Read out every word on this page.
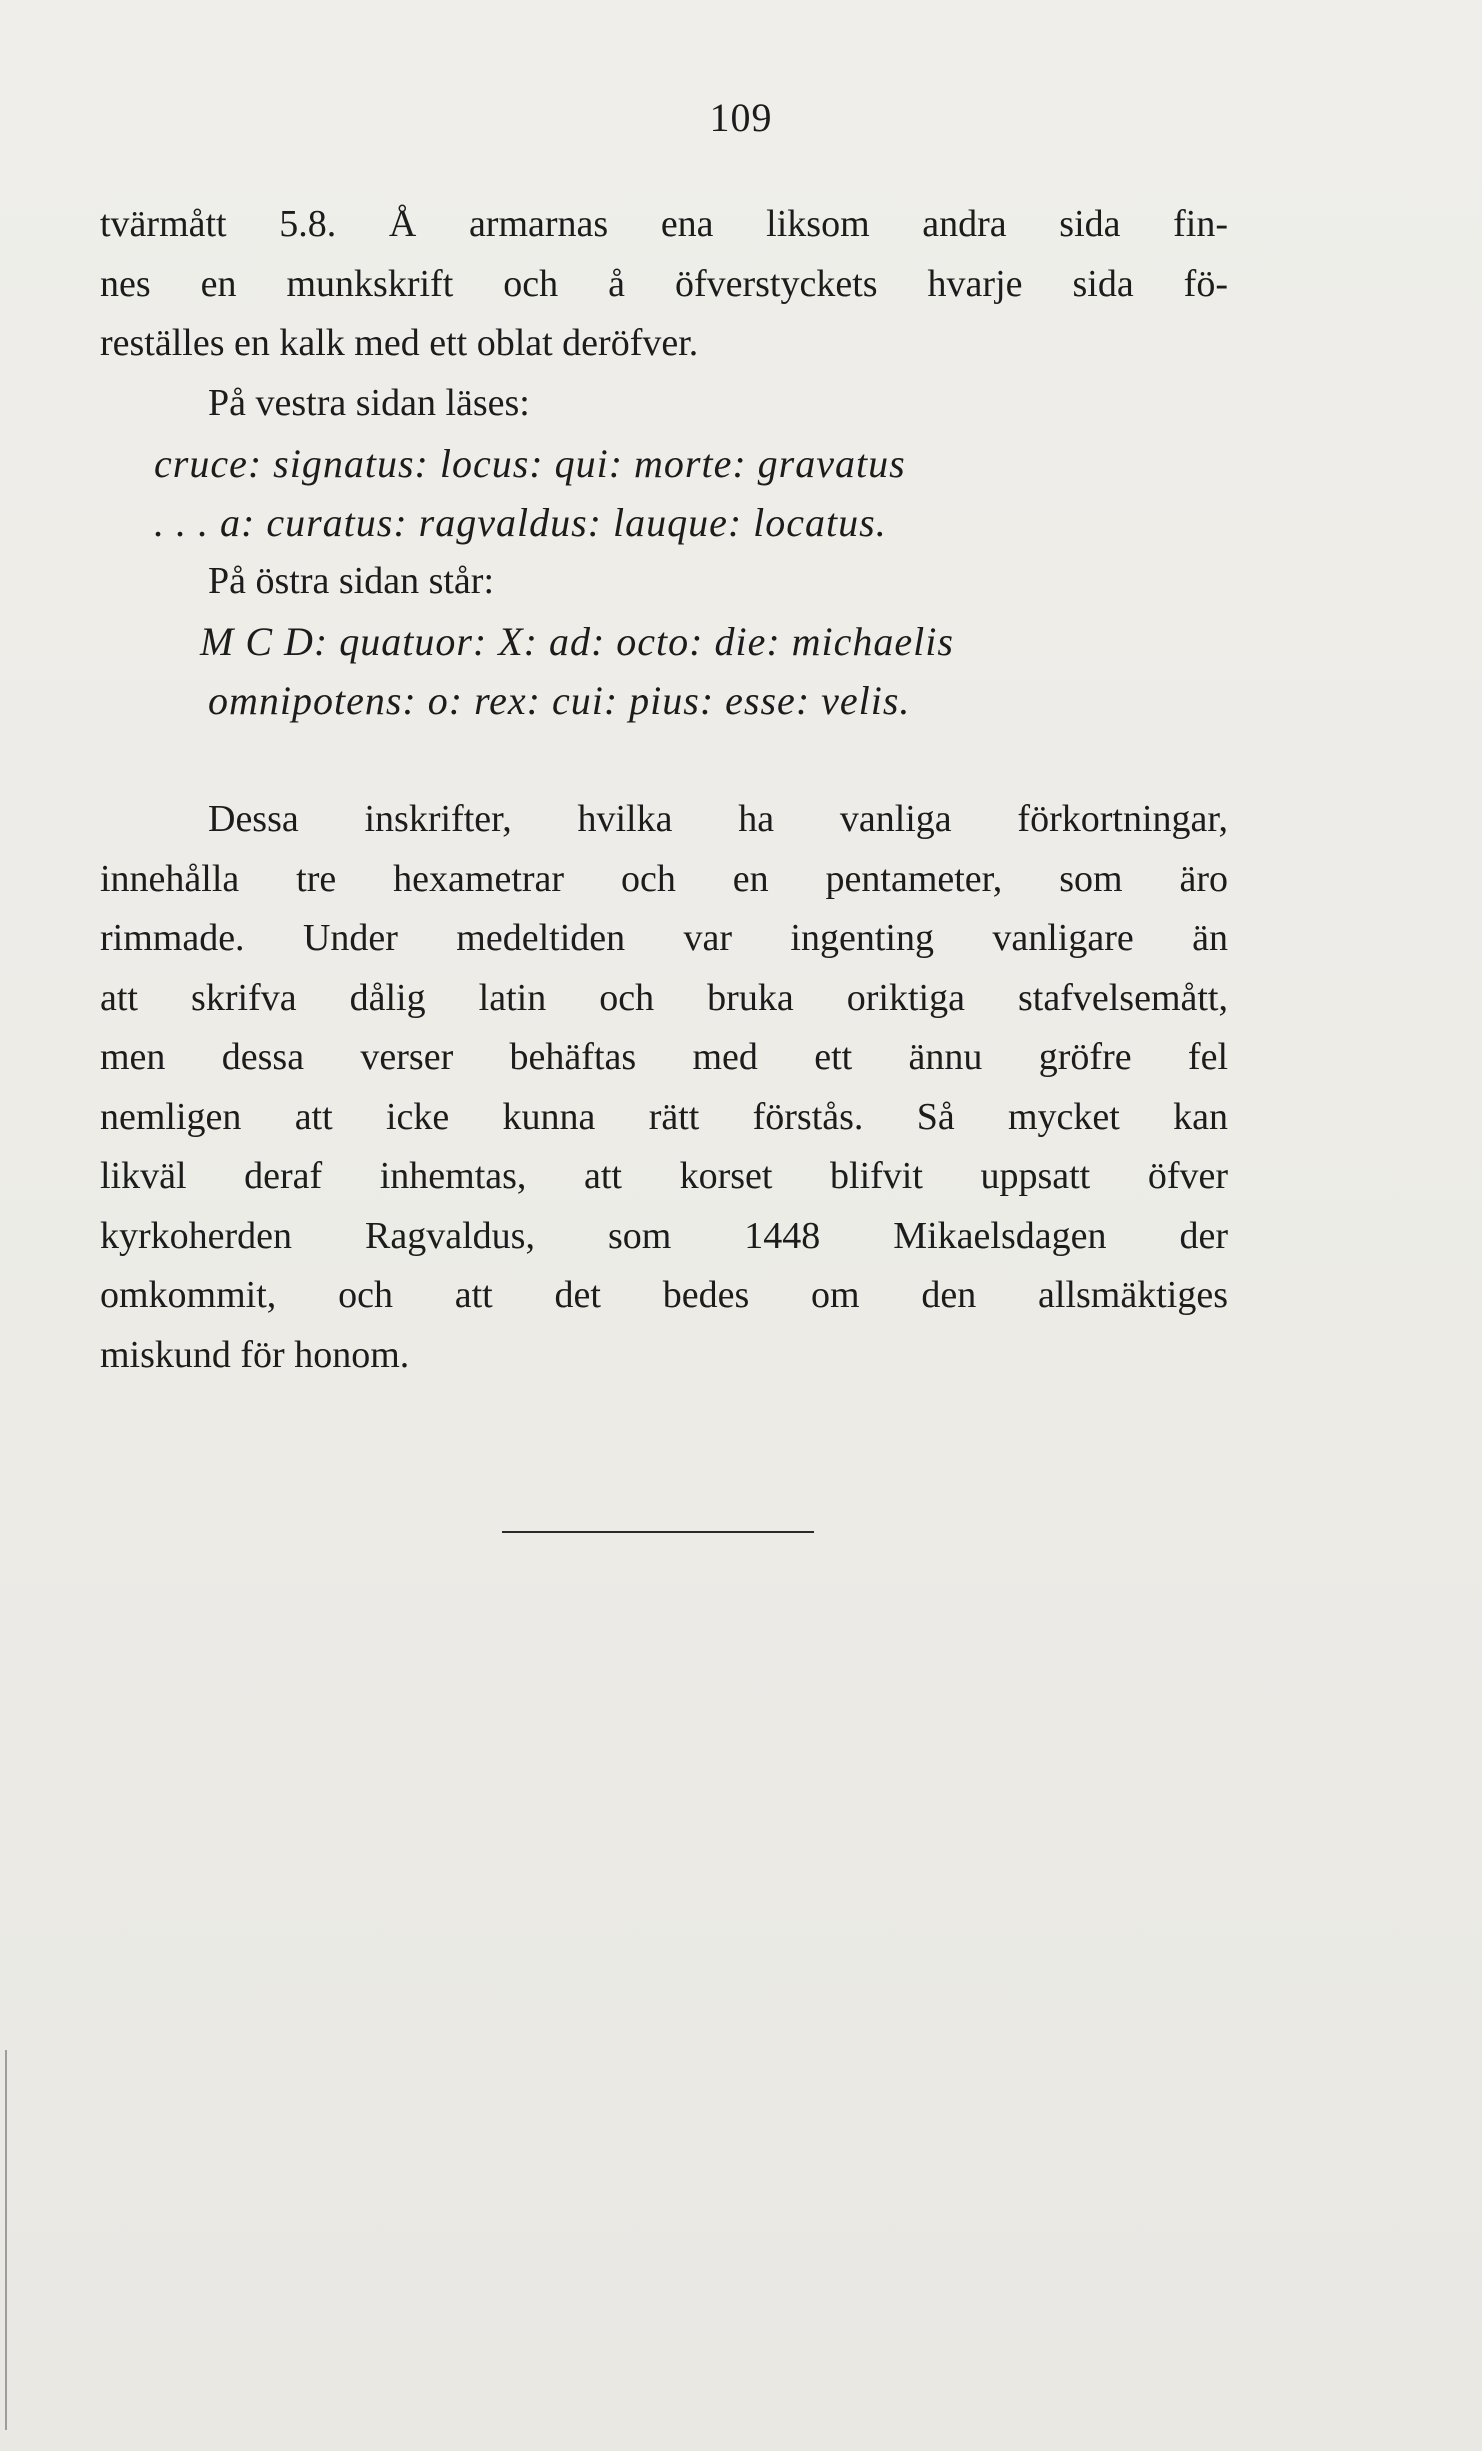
109
tvärmått 5.8. Å armarnas ena liksom andra sida fin-
nes en munkskrift och å öfverstyckets hvarje sida fö-
reställes en kalk med ett oblat deröfver.
På vestra sidan läses:
cruce: signatus: locus: qui: morte: gravatus
. . . a: curatus: ragvaldus: lauque: locatus.
På östra sidan står:
M C D: quatuor: X: ad: octo: die: michaelis
omnipotens: o: rex: cui: pius: esse: velis.
Dessa inskrifter, hvilka ha vanliga förkortningar,
innehålla tre hexametrar och en pentameter, som äro
rimmade. Under medeltiden var ingenting vanligare än
att skrifva dålig latin och bruka oriktiga stafvelsemått,
men dessa verser behäftas med ett ännu gröfre fel
nemligen att icke kunna rätt förstås. Så mycket kan
likväl deraf inhemtas, att korset blifvit uppsatt öfver
kyrkoherden Ragvaldus, som 1448 Mikaelsdagen der
omkommit, och att det bedes om den allsmäktiges
miskund för honom.
